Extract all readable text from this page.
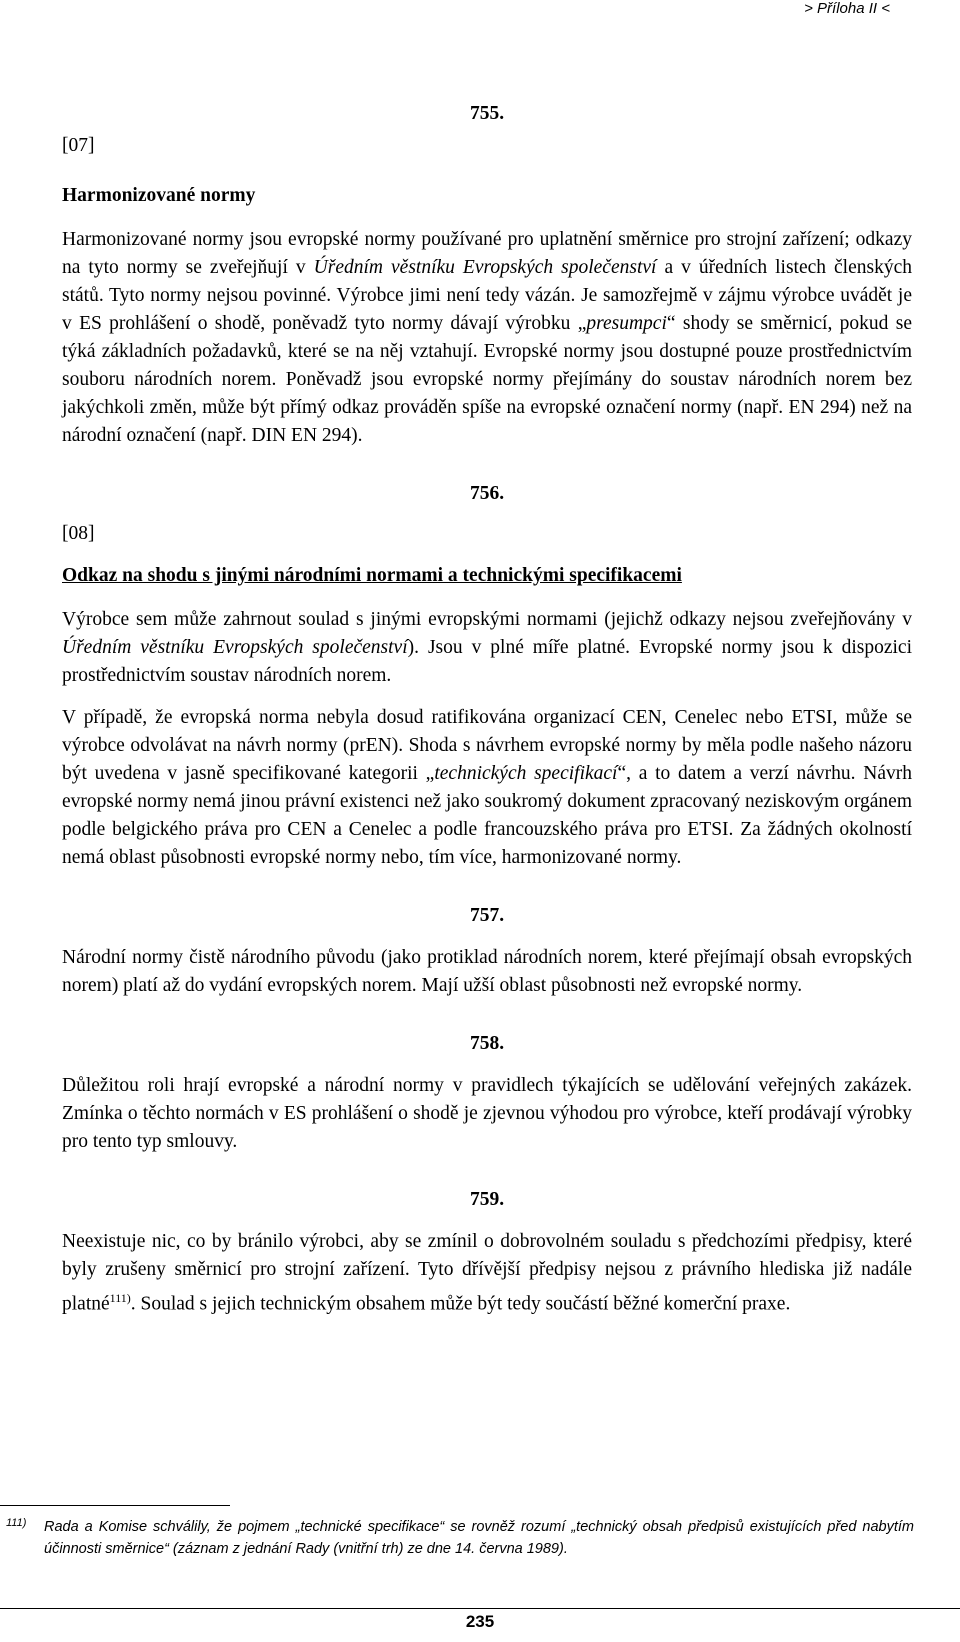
> Příloha II <
755.
[07]
Harmonizované normy

Harmonizované normy jsou evropské normy používané pro uplatnění směrnice pro strojní zařízení; odkazy na tyto normy se zveřejňují v Úředním věstníku Evropských společenství a v úředních listech členských států. Tyto normy nejsou povinné. Výrobce jimi není tedy vázán. Je samozřejmě v zájmu výrobce uvádět je v ES prohlášení o shodě, poněvadž tyto normy dávají výrobku „presumpci“ shody se směrnicí, pokud se týká základních požadavků, které se na něj vztahují. Evropské normy jsou dostupné pouze prostřednictvím souboru národních norem. Poněvadž jsou evropské normy přejímány do soustav národních norem bez jakýchkoli změn, může být přímý odkaz prováděn spíše na evropské označení normy (např. EN 294) než na národní označení (např. DIN EN 294).

756.
[08]
Odkaz na shodu s jinými národními normami a technickými specifikacemi

Výrobce sem může zahrnout soulad s jinými evropskými normami (jejichž odkazy nejsou zveřejňovány v Úředním věstníku Evropských společenství). Jsou v plné míře platné. Evropské normy jsou k dispozici prostřednictvím soustav národních norem.

V případě, že evropská norma nebyla dosud ratifikována organizací CEN, Cenelec nebo ETSI, může se výrobce odvolávat na návrh normy (prEN). Shoda s návrhem evropské normy by měla podle našeho názoru být uvedena v jasně specifikované kategorii „technických specifikací“, a to datem a verzí návrhu. Návrh evropské normy nemá jinou právní existenci než jako soukromý dokument zpracovaný neziskovým orgánem podle belgického práva pro CEN a Cenelec a podle francouzského práva pro ETSI. Za žádných okolností nemá oblast působnosti evropské normy nebo, tím více, harmonizované normy.

757.

Národní normy čistě národního původu (jako protiklad národních norem, které přejímají obsah evropských norem) platí až do vydání evropských norem. Mají užší oblast působnosti než evropské normy.

758.

Důležitou roli hrají evropské a národní normy v pravidlech týkajících se udělování veřejných zakázek. Zmínka o těchto normách v ES prohlášení o shodě je zjevnou výhodou pro výrobce, kteří prodávají výrobky pro tento typ smlouvy.

759.

Neexistuje nic, co by bránilo výrobci, aby se zmínil o dobrovolném souladu s předchozími předpisy, které byly zrušeny směrnicí pro strojní zařízení. Tyto dřívější předpisy nejsou z právního hlediska již nadále platné$^{111)}$. Soulad s jejich technickým obsahem může být tedy součástí běžné komerční praxe.

111)	Rada a Komise schválily, že pojmem „technické specifikace“ se rovněž rozumí „technický obsah předpisů existujících před nabytím účinnosti směrnice“ (záznam z jednání Rady (vnitřní trh) ze dne 14. června 1989).
235
